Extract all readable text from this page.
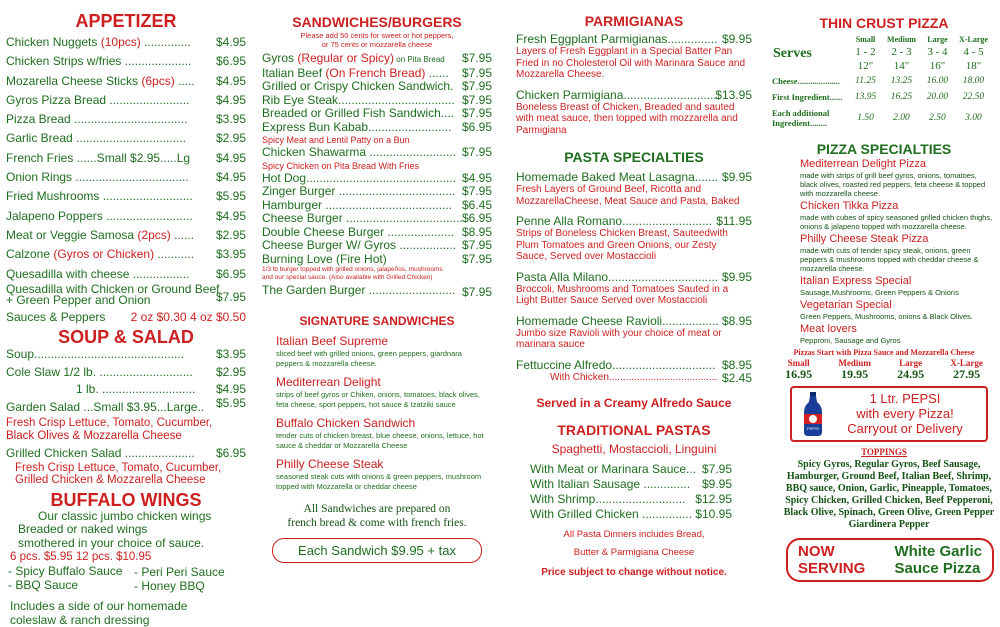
APPETIZER
Chicken Nuggets (10pcs) .............. $4.95
Chicken Strips w/fries .................... $6.95
Mozarella Cheese Sticks (6pcs) ..... $4.95
Gyros Pizza Bread ........................ $4.95
Pizza Bread .................................. $3.95
Garlic Bread ................................. $2.95
French Fries ......Small $2.95.....Lg $4.95
Onion Rings .................................. $4.95
Fried Mushrooms ........................... $5.95
Jalapeno Poppers .......................... $4.95
Meat or Veggie Samosa (2pcs) ...... $2.95
Calzone (Gyros or Chicken) ........... $3.95
Quesadilla with cheese ................. $6.95
Quesadilla with Chicken or Ground Beef
+ Green Pepper and Onion	$7.95
Sauces & Peppers 2 oz $0.30 4 oz $0.50
SOUP & SALAD
Soup.............................................	$3.95
Cole Slaw 1/2 lb. ............................ $2.95
1 lb. ............................ $4.95
Garden Salad ...Small $3.95...Large.. $5.95
Fresh Crisp Lettuce, Tomato, Cucumber, Black Olives & Mozzarella Cheese
Grilled Chicken Salad ..................... $6.95
Fresh Crisp Lettuce, Tomato, Cucumber, Grilled Chicken & Mozzarella Cheese
BUFFALO WINGS
Our classic jumbo chicken wings
Breaded or naked wings
smothered in your choice of sauce.
6 pcs. $5.95 12 pcs. $10.95
- Spicy Buffalo Sauce - Peri Peri Sauce
- BBQ Sauce	- Honey BBQ
Includes a side of our homemade
coleslaw & ranch dressing
SANDWICHES/BURGERS
Please add 50 cents for sweet or hot peppers,
or 75 cents or mozzarella cheese
Gyros (Regular or Spicy) on Pita Bread $7.95
Italian Beef (On French Bread) ...... $7.95
Grilled or Crispy Chicken Sandwich. $7.95
Rib Eye Steak................................... $7.95
Breaded or Grilled Fish Sandwich.... $7.95
Express Bun Kabab......................... $6.95
Spicy Meat and Lentil Patty on a Bun
Chicken Shawarma .......................... $7.95
Spicy Chicken on Pita Bread With Fries
Hot Dog............................................. $4.95
Zinger Burger ................................... $7.95
Hamburger ...................................... $6.45
Cheese Burger ................................... $6.95
Double Cheese Burger .................... $8.95
Cheese Burger W/ Gyros ................. $7.95
Burning Love (Fire Hot)	$7.95
1/3 lb burger topped with grilled onions, jalapeños, mushrooms
and our special sauce. (Also available with Grilled Chicken)
The Garden Burger .......................... $7.95
SIGNATURE SANDWICHES
Italian Beef Supreme
sliced beef with grilled onions, green peppers, giardnara peppers & mozzarella cheese.
Mediterrean Delight
strips of beef gyros or Chiken, onions, tomatoes, black olives, feta cheese, sport peppers, hot sauce & tzatziki sauce
Buffalo Chicken Sandwich
tender cuts of chicken breast, blue cheese, onions, lettuce, hot sauce & cheddar or Mozzarella Cheese
Philly Cheese Steak
seasoned steak cuts with onions & green peppers, mushroom topped with Mozzarella or cheddar cheese
All Sandwiches are prepared on
french bread & come with french fries.
Each Sandwich $9.95 + tax
PARMIGIANAS
Fresh Eggplant Parmigianas............... $9.95
Layers of Fresh Eggplant in a Special Batter Pan Fried in no Cholesterol Oil with Marinara Sauce and Mozzarella Cheese.
Chicken Parmigiana............................
$13.95
Boneless Breast of Chicken, Breaded and sauted with meat sauce, then topped with mozzarella and Parmigiana
PASTA SPECIALTIES
Homemade Baked Meat Lasagna....... $9.95
Fresh Layers of Ground Beef, Ricotta and MozzarellaCheese, Meat Sauce and Pasta, Baked
Penne Alla Romano........................... $11.95
Strips of Boneless Chicken Breast, Sauteedwith Plum Tomatoes and Green Onions, our Zesty Sauce, Served over Mostaccioli
Pasta Alla Milano................................. $9.95
Broccoli, Mushrooms and Tomatoes Sauted in a Light Butter Sauce Served over Mostaccioli
Homemade Cheese Ravioli................. $8.95
Jumbo size Ravioli with your choice of meat or marinara sauce
Fettuccine Alfredo............................... $8.95
With Chicken....................................... $2.45
Served in a Creamy Alfredo Sauce
TRADITIONAL PASTAS
Spaghetti, Mostaccioli, Linguini
With Meat or Marinara Sauce... $7.95
With Italian Sausage .............. $9.95
With Shrimp........................... $12.95
With Grilled Chicken ............... $10.95
All Pasta Dinners includes Bread,
Butter & Parmigiana Cheese
Price subject to change without notice.
THIN CRUST PIZZA
Serves	Small	Medium	Large	X-Large
	1 - 2	2 - 3	3 - 4	4 - 5
	12"	14"	16"	18"
Cheese....................	11.25	13.25	16.00	18.00
First Ingredient......	13.95	16.25	20.00	22.50
Each additional Ingredient........	1.50	2.00	2.50	3.00
PIZZA SPECIALTIES
Mediterrean Delight Pizza
made with strips of grill beef gyros, onions, tomatoes, black olives, roasted red peppers, feta cheese & topped with mozzarella cheese.
Chicken Tikka Pizza
made with cubes of spicy seasoned grilled chicken thighs, onions & jalapeno topped with mozzarella cheese.
Philly Cheese Steak Pizza
made with cuts of tender spicy steak, onions, green peppers & mushrooms topped with cheddar cheese & mozzarella cheese.
Italian Express Special
Sausage,Mushrooms, Green Peppers & Onions
Vegetarian Special
Green Peppers, Mushrooms, onions & Black Olives.
Meat lovers
Pepproni, Sausage and Gyros
Pizzas Start with Pizza Sauce and Mozzarella Cheese
Small
16.95
Medium
19.95
Large
24.95
X-Large
27.95
PEPSI
1 Ltr. PEPSI
with every Pizza!
Carryout or Delivery
TOPPINGS
Spicy Gyros, Regular Gyros, Beef Sausage, Hamburger, Ground Beef, Italian Beef, Shrimp, BBQ sauce, Onion, Garlic, Pineapple, Tomatoes, Spicy Chicken, Grilled Chicken, Beef Pepperoni, Black Olive, Spinach, Green Olive, Green Pepper Giardinera Pepper
NOW
SERVING
White Garlic
Sauce Pizza
